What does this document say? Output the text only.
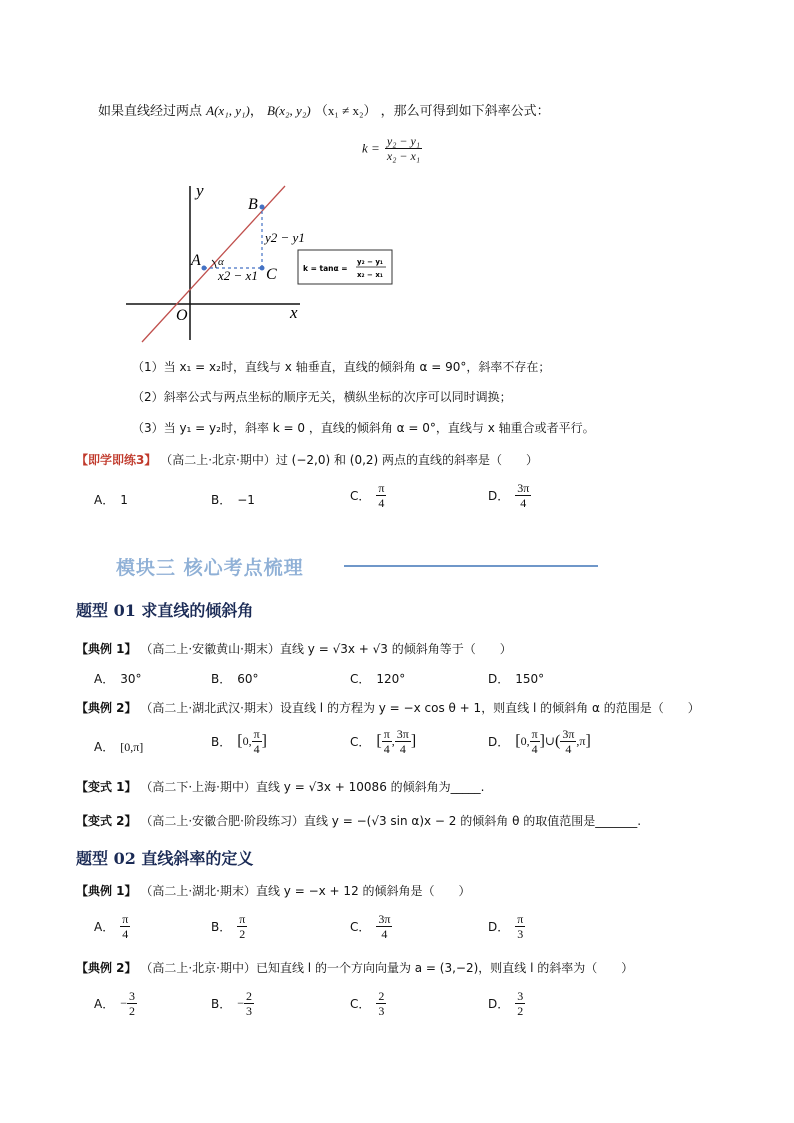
如果直线经过两点 A(x₁, y₁)， B(x₂, y₂) （x₁ ≠ x₂） ，那么可得到如下斜率公式：
$k = \frac{\text{y₂ − y₁}}{\text{x₂ − x₁}}$
y
x
O
A
B
C
α
y2 − y1
x2 − x1	k = tanα =
y₂ − y₁
x₂ − x₁
（1）当 x₁ = x₂时，直线与 x 轴垂直，直线的倾斜角 α = 90°，斜率不存在；
（2）斜率公式与两点坐标的顺序无关，横纵坐标的次序可以同时调换；
（3）当 y₁ = y₂时，斜率 k = 0 ，直线的倾斜角 α = 0°，直线与 x 轴重合或者平行。
【即学即练3】 （高二上·北京·期中）过 (−2,0) 和 (0,2) 两点的直线的斜率是（　　）
A． 1	B． −1	C． $\frac{\pi}{4}$	D． $\frac{3\pi}{4}$
模块三 核心考点梳理
题型 01 求直线的倾斜角
【典例 1】 （高二上·安徽黄山·期末）直线 y = √3x + √3 的倾斜角等于（　　）
A． 30°	B． 60°	C． 120°	D． 150°
【典例 2】 （高二上·湖北武汉·期末）设直线 l 的方程为 y = −x cos θ + 1，则直线 l 的倾斜角 α 的范围是（　　）
A． [0,π]	B． [0, $\frac{\pi}{4}$ ]	C． [ $\frac{\pi}{4}$ , $\frac{3\pi}{4}$ ]	D． [0, $\frac{\pi}{4}$ ]∪( $\frac{3\pi}{4} ,\pi$]
【变式 1】 （高二下·上海·期中）直线 y = √3x + 10086 的倾斜角为_____.
【变式 2】 （高二上·安徽合肥·阶段练习）直线 y = −(√3 sin α)x − 2 的倾斜角 θ 的取值范围是_______.
题型 02 直线斜率的定义
【典例 1】 （高二上·湖北·期末）直线 y = −x + 12 的倾斜角是（　　）
A． $\frac{\pi}{4}$	B． $\frac{\pi}{2}$	C． $\frac{3\pi}{4}$	D． $\frac{\pi}{3}$
【典例 2】 （高二上·北京·期中）已知直线 l 的一个方向向量为 a = (3,−2)，则直线 l 的斜率为（　　）
A． − $\frac{3}{2}$	B． − $\frac{2}{3}$	C． $\frac{2}{3}$	D． $\frac{3}{2}$
